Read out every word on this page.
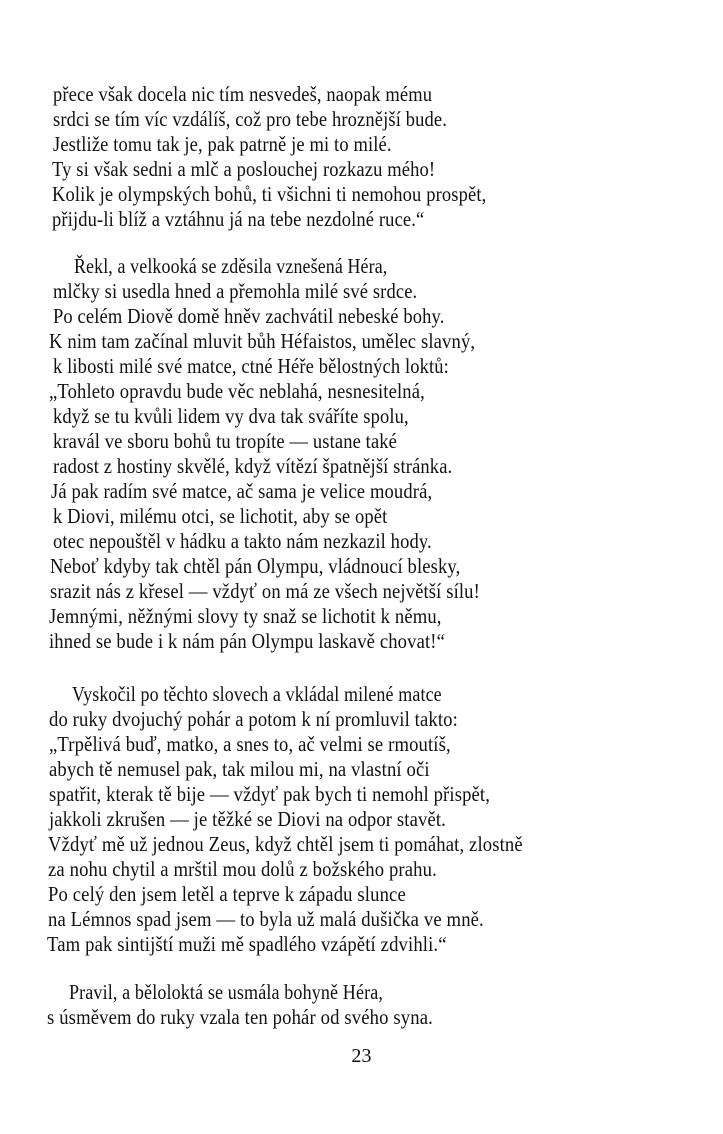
přece však docela nic tím nesvedeš, naopak mému
srdci se tím víc vzdálíš, což pro tebe hroznější bude.
Jestliže tomu tak je, pak patrně je mi to milé.
Ty si však sedni a mlč a poslouchej rozkazu mého!
Kolik je olympských bohů, ti všichni ti nemohou prospět,
přijdu-li blíž a vztáhnu já na tebe nezdolné ruce.“

Řekl, a velkooká se zděsila vznešená Héra,
mlčky si usedla hned a přemohla milé své srdce.
Po celém Diově domě hněv zachvátil nebeské bohy.
K nim tam začínal mluvit bůh Héfaistos, umělec slavný,
k libosti milé své matce, ctné Héře bělostných loktů:
„Tohleto opravdu bude věc neblahá, nesnesitelná,
když se tu kvůli lidem vy dva tak sváříte spolu,
kravál ve sboru bohů tu tropíte — ustane také
radost z hostiny skvělé, když vítězí špatnější stránka.
Já pak radím své matce, ač sama je velice moudrá,
k Diovi, milému otci, se lichotit, aby se opět
otec nepouštěl v hádku a takto nám nezkazil hody.
Neboť kdyby tak chtěl pán Olympu, vládnoucí blesky,
srazit nás z křesel — vždyť on má ze všech největší sílu!
Jemnými, něžnými slovy ty snaž se lichotit k němu,
ihned se bude i k nám pán Olympu laskavě chovat!“

Vyskočil po těchto slovech a vkládal milené matce
do ruky dvojuchý pohár a potom k ní promluvil takto:
„Trpělivá buď, matko, a snes to, ač velmi se rmoutíš,
abych tě nemusel pak, tak milou mi, na vlastní oči
spatřit, kterak tě bije — vždyť pak bych ti nemohl přispět,
jakkoli zkrušen — je těžké se Diovi na odpor stavět.
Vždyť mě už jednou Zeus, když chtěl jsem ti pomáhat, zlostně
za nohu chytil a mrštil mou dolů z božského prahu.
Po celý den jsem letěl a teprve k západu slunce
na Lémnos spad jsem — to byla už malá dušička ve mně.
Tam pak sintijští muži mě spadlého vzápětí zdvihli.“

Pravil, a běloloktá se usmála bohyně Héra,
s úsměvem do ruky vzala ten pohár od svého syna.

23
